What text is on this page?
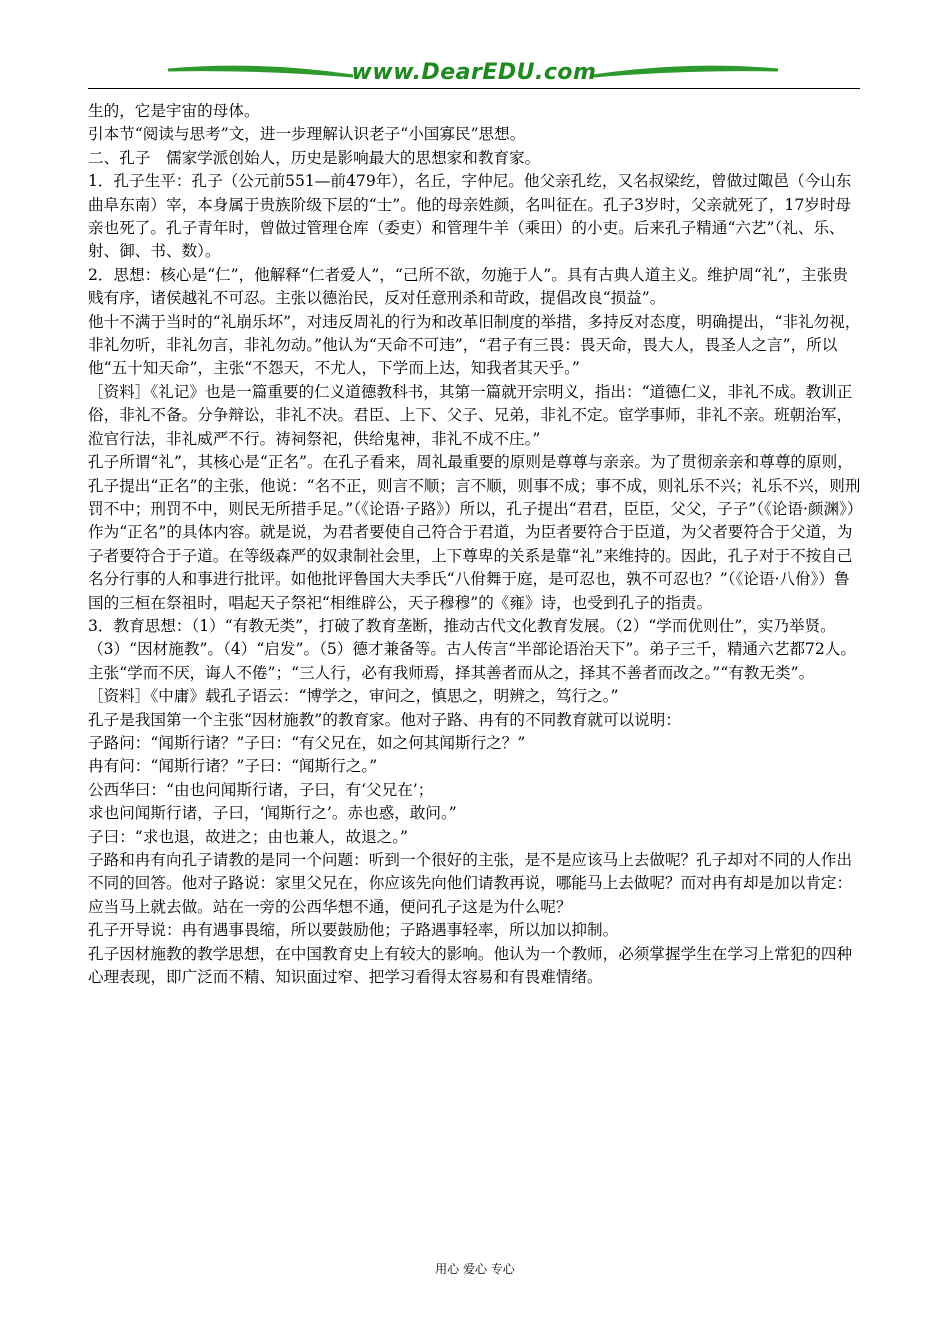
www.DearEDU.com

生的，它是宇宙的母体。

引本节“阅读与思考”文，进一步理解认识老子“小国寡民”思想。

二、孔子　儒家学派创始人，历史是影响最大的思想家和教育家。

1．孔子生平：孔子（公元前551—前479年），名丘，字仲尼。他父亲孔纥，又名叔梁纥，曾做过陬邑（今山东曲阜东南）宰，本身属于贵族阶级下层的“士”。他的母亲姓颜，名叫征在。孔子3岁时，父亲就死了，17岁时母亲也死了。孔子青年时，曾做过管理仓库（委吏）和管理牛羊（乘田）的小吏。后来孔子精通“六艺”（礼、乐、射、御、书、数）。

2．思想：核心是“仁”，他解释“仁者爱人”，“己所不欲，勿施于人”。具有古典人道主义。维护周“礼”，主张贵贱有序，诸侯越礼不可忍。主张以德治民，反对任意刑杀和苛政，提倡改良“损益”。

他十不满于当时的“礼崩乐坏”，对违反周礼的行为和改革旧制度的举措，多持反对态度，明确提出，“非礼勿视，非礼勿听，非礼勿言，非礼勿动。”他认为“天命不可违”，“君子有三畏：畏天命，畏大人，畏圣人之言”，所以他“五十知天命”，主张“不怨天，不尤人，下学而上达，知我者其天乎。”

［资料］《礼记》也是一篇重要的仁义道德教科书，其第一篇就开宗明义，指出：“道德仁义，非礼不成。教训正俗，非礼不备。分争辩讼，非礼不决。君臣、上下、父子、兄弟，非礼不定。宦学事师，非礼不亲。班朝治军，涖官行法，非礼威严不行。祷祠祭祀，供给鬼神，非礼不成不庄。”

孔子所谓“礼”，其核心是“正名”。在孔子看来，周礼最重要的原则是尊尊与亲亲。为了贯彻亲亲和尊尊的原则，孔子提出“正名”的主张，他说：“名不正，则言不顺；言不顺，则事不成；事不成，则礼乐不兴；礼乐不兴，则刑罚不中；刑罚不中，则民无所措手足。”（《论语·子路》）所以，孔子提出“君君，臣臣，父父，子子”（《论语·颜渊》）作为“正名”的具体内容。就是说，为君者要使自己符合于君道，为臣者要符合于臣道，为父者要符合于父道，为子者要符合于子道。在等级森严的奴隶制社会里，上下尊卑的关系是靠“礼”来维持的。因此，孔子对于不按自己名分行事的人和事进行批评。如他批评鲁国大夫季氏“八佾舞于庭，是可忍也，孰不可忍也？”（《论语·八佾》）鲁国的三桓在祭祖时，唱起天子祭祀“相维辟公，天子穆穆”的《雍》诗，也受到孔子的指责。

3．教育思想：（1）“有教无类”，打破了教育垄断，推动古代文化教育发展。（2）“学而优则仕”，实乃举贤。（3）“因材施教”。（4）“启发”。（5）德才兼备等。古人传言“半部论语治天下”。弟子三千，精通六艺都72人。主张“学而不厌，诲人不倦”；“三人行，必有我师焉，择其善者而从之，择其不善者而改之。”“有教无类”。

［资料］《中庸》载孔子语云：“博学之，审问之，慎思之，明辨之，笃行之。”

孔子是我国第一个主张“因材施教”的教育家。他对子路、冉有的不同教育就可以说明：

子路问：“闻斯行诸？”子曰：“有父兄在，如之何其闻斯行之？”

冉有问：“闻斯行诸？”子曰：“闻斯行之。”

公西华曰：“由也问闻斯行诸，子曰，有‘父兄在’；

求也问闻斯行诸，子曰，‘闻斯行之’。赤也惑，敢问。”

子曰：“求也退，故进之；由也兼人，故退之。”

子路和冉有向孔子请教的是同一个问题：听到一个很好的主张，是不是应该马上去做呢？孔子却对不同的人作出不同的回答。他对子路说：家里父兄在，你应该先向他们请教再说，哪能马上去做呢？而对冉有却是加以肯定：应当马上就去做。站在一旁的公西华想不通，便问孔子这是为什么呢？

孔子开导说：冉有遇事畏缩，所以要鼓励他；子路遇事轻率，所以加以抑制。

孔子因材施教的教学思想，在中国教育史上有较大的影响。他认为一个教师，必须掌握学生在学习上常犯的四种心理表现，即广泛而不精、知识面过窄、把学习看得太容易和有畏难情绪。

用心 爱心 专心
